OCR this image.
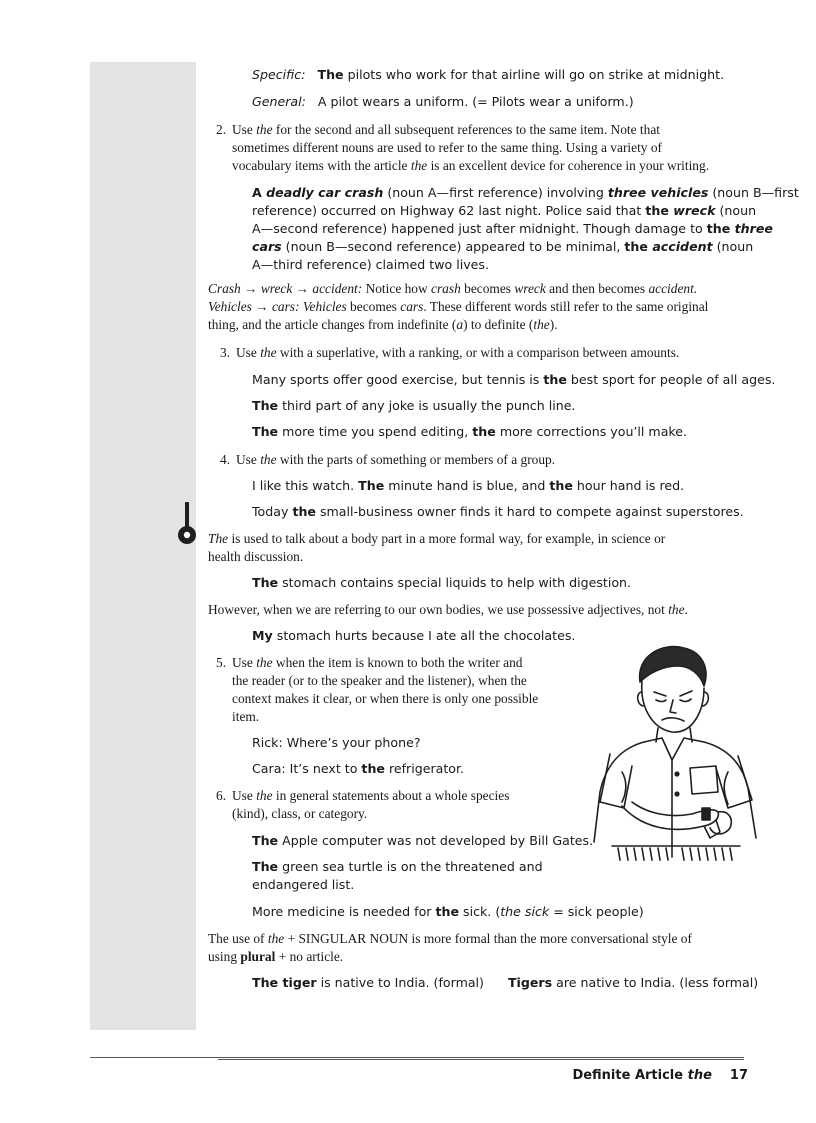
Specific: The pilots who work for that airline will go on strike at midnight.

General: A pilot wears a uniform. (= Pilots wear a uniform.)

2. Use the for the second and all subsequent references to the same item. Note that
sometimes different nouns are used to refer to the same thing. Using a variety of
vocabulary items with the article the is an excellent device for coherence in your writing.

A deadly car crash (noun A—first reference) involving three vehicles (noun B—first
reference) occurred on Highway 62 last night. Police said that the wreck (noun
A—second reference) happened just after midnight. Though damage to the three
cars (noun B—second reference) appeared to be minimal, the accident (noun
A—third reference) claimed two lives.

Crash → wreck → accident: Notice how crash becomes wreck and then becomes accident.
Vehicles → cars: Vehicles becomes cars. These different words still refer to the same original
thing, and the article changes from indefinite (a) to definite (the).

3. Use the with a superlative, with a ranking, or with a comparison between amounts.

Many sports offer good exercise, but tennis is the best sport for people of all ages.

The third part of any joke is usually the punch line.

The more time you spend editing, the more corrections you’ll make.

4. Use the with the parts of something or members of a group.

I like this watch. The minute hand is blue, and the hour hand is red.

Today the small-business owner finds it hard to compete against superstores.

The is used to talk about a body part in a more formal way, for example, in science or
health discussion.

The stomach contains special liquids to help with digestion.

However, when we are referring to our own bodies, we use possessive adjectives, not the.

My stomach hurts because I ate all the chocolates.

5. Use the when the item is known to both the writer and
the reader (or to the speaker and the listener), when the
context makes it clear, or when there is only one possible
item.

Rick: Where’s your phone?

Cara: It’s next to the refrigerator.

6. Use the in general statements about a whole species
(kind), class, or category.

The Apple computer was not developed by Bill Gates.

The green sea turtle is on the threatened and
endangered list.

More medicine is needed for the sick. (the sick = sick people)

The use of the + SINGULAR NOUN is more formal than the more conversational style of
using plural + no article.

The tiger is native to India. (formal) Tigers are native to India. (less formal)

Definite Article the 17
